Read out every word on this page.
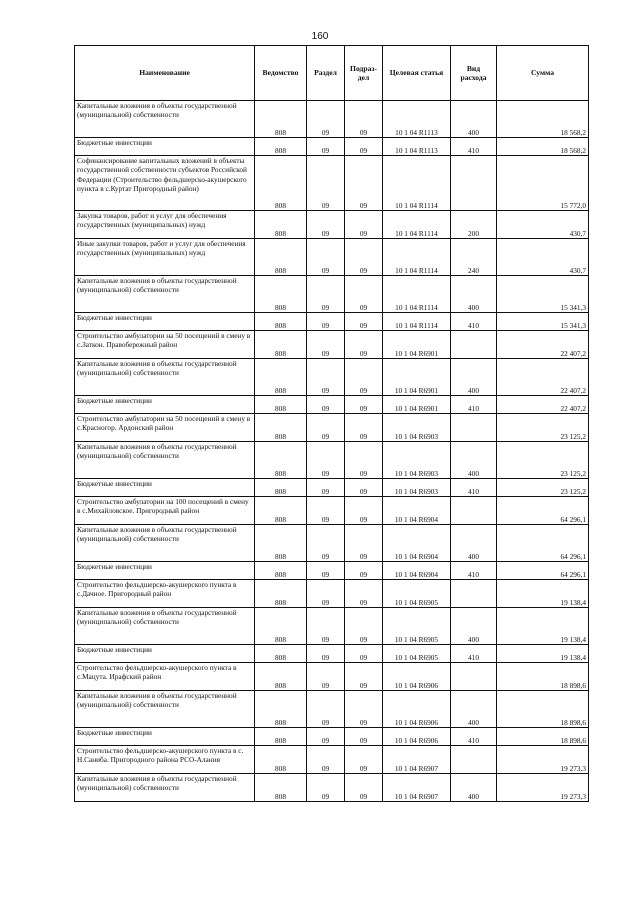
160
Наименование	Ведомство	Раздел	Подраз-дел	Целевая статья	Вид расхода	Сумма
Капитальные вложения в объекты государственной (муниципальной) собственности	808	09	09	10 1 04 R1113	400	18 568,2
Бюджетные инвестиции	808	09	09	10 1 04 R1113	410	18 568,2
Софинансирование капитальных вложений в объекты государственной собственности субъектов Российской Федерации (Строительство фельдшерско-акушерского пункта в с.Куртат Пригородный район)	808	09	09	10 1 04 R1114		15 772,0
Закупка товаров, работ и услуг для обеспечения государственных (муниципальных) нужд	808	09	09	10 1 04 R1114	200	430,7
Иные закупки товаров, работ и услуг для обеспечения государственных (муниципальных) нужд	808	09	09	10 1 04 R1114	240	430,7
Капитальные вложения в объекты государственной (муниципальной) собственности	808	09	09	10 1 04 R1114	400	15 341,3
Бюджетные инвестиции	808	09	09	10 1 04 R1114	410	15 341,3
Строительство амбулатории на 50 посещений в смену в с.Заткон. Правобережный район	808	09	09	10 1 04 R6901		22 407,2
Капитальные вложения в объекты государственной (муниципальной) собственности	808	09	09	10 1 04 R6901	400	22 407,2
Бюджетные инвестиции	808	09	09	10 1 04 R6901	410	22 407,2
Строительство амбулатории на 50 посещений в смену в с.Красногор. Ардонский район	808	09	09	10 1 04 R6903		23 125,2
Капитальные вложения в объекты государственной (муниципальной) собственности	808	09	09	10 1 04 R6903	400	23 125,2
Бюджетные инвестиции	808	09	09	10 1 04 R6903	410	23 125,2
Строительство амбулатории на 100 посещений в смену в с.Михайловское. Пригородный район	808	09	09	10 1 04 R6904		64 296,1
Капитальные вложения в объекты государственной (муниципальной) собственности	808	09	09	10 1 04 R6904	400	64 296,1
Бюджетные инвестиции	808	09	09	10 1 04 R6904	410	64 296,1
Строительство фельдшерско-акушерского пункта в с.Дачное. Пригородный район	808	09	09	10 1 04 R6905		19 138,4
Капитальные вложения в объекты государственной (муниципальной) собственности	808	09	09	10 1 04 R6905	400	19 138,4
Бюджетные инвестиции	808	09	09	10 1 04 R6905	410	19 138,4
Строительство фельдшерско-акушерского пункта в с.Мацута. Ирафский район	808	09	09	10 1 04 R6906		18 898,6
Капитальные вложения в объекты государственной (муниципальной) собственности	808	09	09	10 1 04 R6906	400	18 898,6
Бюджетные инвестиции	808	09	09	10 1 04 R6906	410	18 898,6
Строительство фельдшерско-акушерского пункта в с. Н.Саниба. Пригородного района РСО-Алания	808	09	09	10 1 04 R6907		19 273,3
Капитальные вложения в объекты государственной (муниципальной) собственности	808	09	09	10 1 04 R6907	400	19 273,3
